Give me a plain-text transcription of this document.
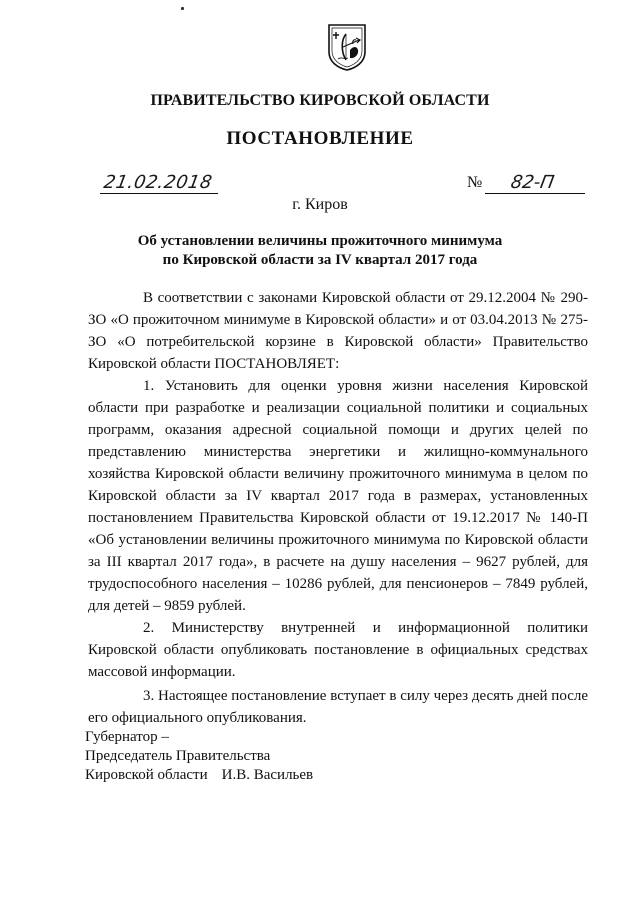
ПРАВИТЕЛЬСТВО КИРОВСКОЙ ОБЛАСТИ
ПОСТАНОВЛЕНИЕ
21.02.2018	№ 82-П
г. Киров
Об установлении величины прожиточного минимума
по Кировской области за IV квартал 2017 года

В соответствии с законами Кировской области от 29.12.2004 № 290-ЗО «О прожиточном минимуме в Кировской области» и от 03.04.2013 № 275-ЗО «О потребительской корзине в Кировской области» Правительство Кировской области ПОСТАНОВЛЯЕТ:

1. Установить для оценки уровня жизни населения Кировской области при разработке и реализации социальной политики и социальных программ, оказания адресной социальной помощи и других целей по представлению министерства энергетики и жилищно-коммунального хозяйства Кировской области величину прожиточного минимума в целом по Кировской области за IV квартал 2017 года в размерах, установленных постановлением Правительства Кировской области от 19.12.2017 № 140-П «Об установлении величины прожиточного минимума по Кировской области за III квартал 2017 года», в расчете на душу населения – 9627 рублей, для трудоспособного населения – 10286 рублей, для пенсионеров – 7849 рублей, для детей – 9859 рублей.

2. Министерству внутренней и информационной политики Кировской области опубликовать постановление в официальных средствах массовой информации.

3. Настоящее постановление вступает в силу через десять дней после его официального опубликования.

Губернатор –
Председатель Правительства
Кировской области И.В. Васильев
